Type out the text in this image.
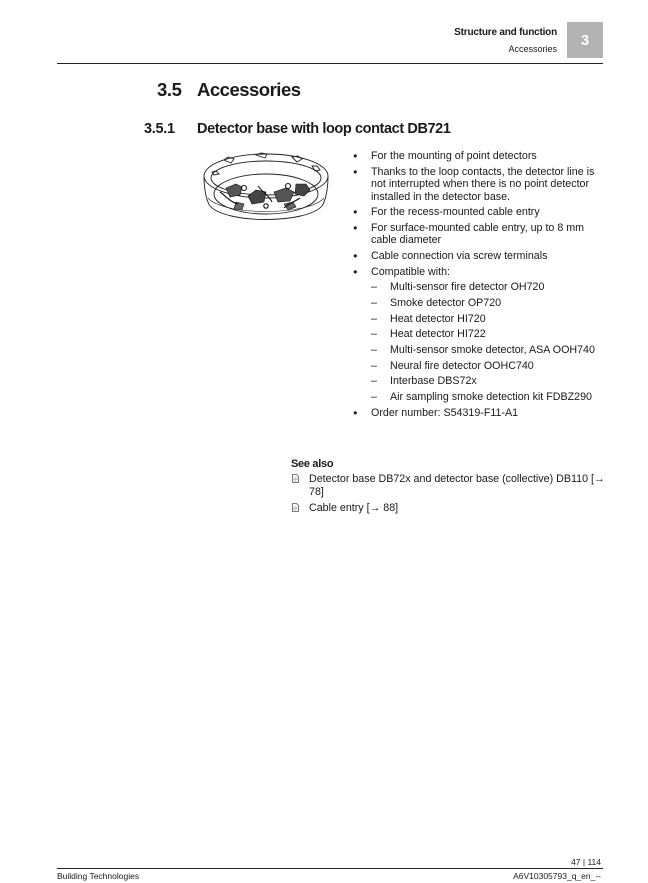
Structure and function
Accessories
3
3.5 Accessories
3.5.1 Detector base with loop contact DB721
● For the mounting of point detectors
● Thanks to the loop contacts, the detector line is not interrupted when there is no point detector installed in the detector base.
● For the recess-mounted cable entry
● For surface-mounted cable entry, up to 8 mm cable diameter
● Cable connection via screw terminals
● Compatible with:
– Multi-sensor fire detector OH720
– Smoke detector OP720
– Heat detector HI720
– Heat detector HI722
– Multi-sensor smoke detector, ASA OOH740
– Neural fire detector OOHC740
– Interbase DBS72x
– Air sampling smoke detection kit FDBZ290
● Order number: S54319-F11-A1
See also
Detector base DB72x and detector base (collective) DB110 [→ 78]
Cable entry [→ 88]
47 | 114
Building Technologies	A6V10305793_q_en_--
